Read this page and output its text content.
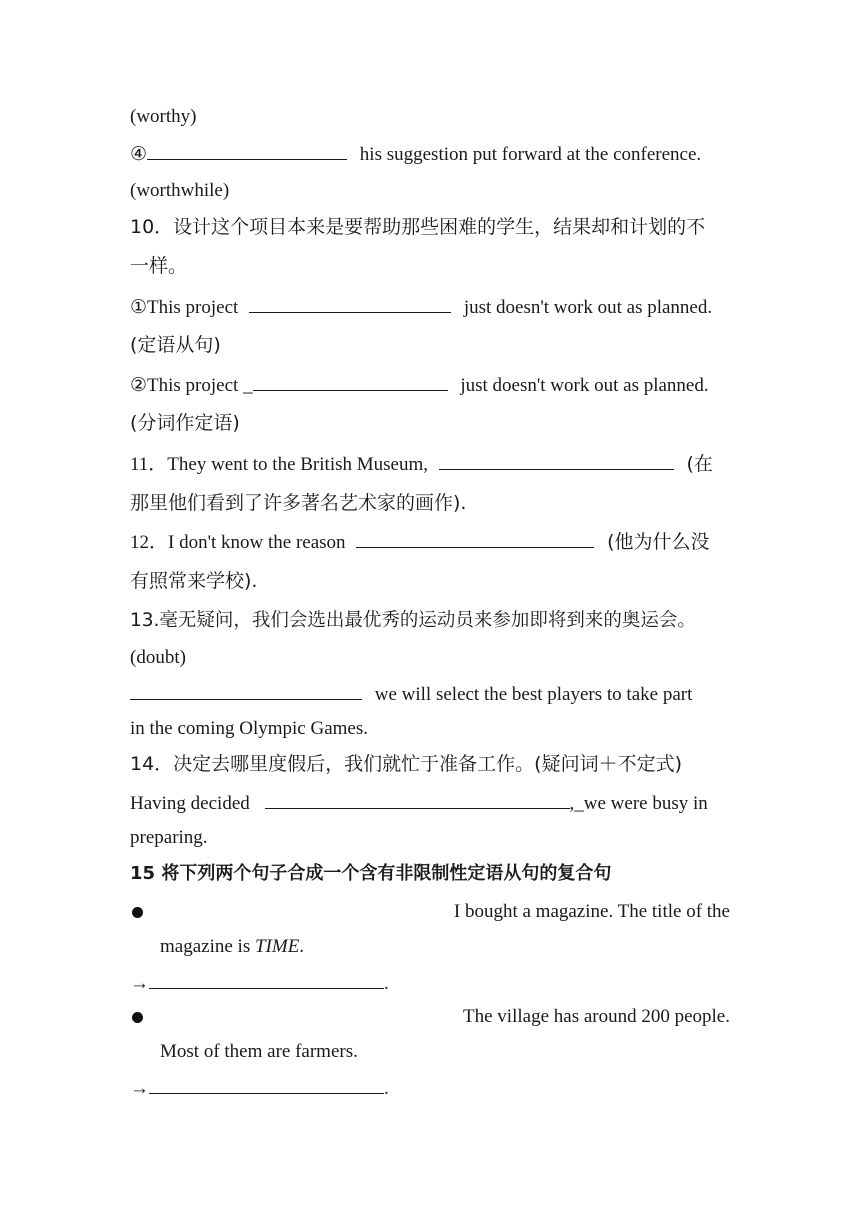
(worthy)
④	his suggestion put forward at the conference.
(worthwhile)
10．设计这个项目本来是要帮助那些困难的学生，结果却和计划的不
一样。
①This project	just doesn't work out as planned.
(定语从句)
②This project _	just doesn't work out as planned.
(分词作定语)
11．They went to the British Museum,	(在
那里他们看到了许多著名艺术家的画作).
12．I don't know the reason	(他为什么没
有照常来学校).
13.毫无疑问，我们会选出最优秀的运动员来参加即将到来的奥运会。
(doubt)
we will select the best players to take part
in the coming Olympic Games.
14．决定去哪里度假后，我们就忙于准备工作。(疑问词＋不定式)
Having decided	,_we were busy in
preparing.
15 将下列两个句子合成一个含有非限制性定语从句的复合句
I bought a magazine. The title of the
magazine is TIME.
→	.
The village has around 200 people.
Most of them are farmers.
→	.
